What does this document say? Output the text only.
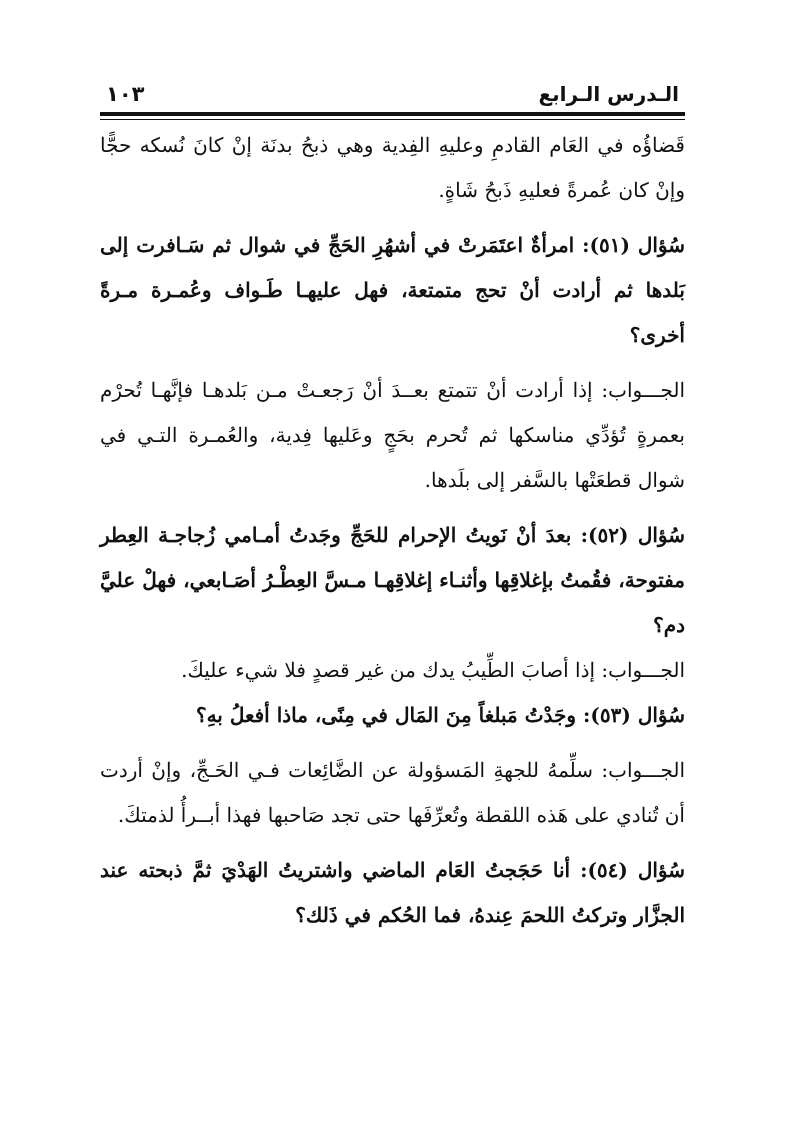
الـدرس الـرابع
١٠٣

قَضاؤُه في العَام القادمِ وعليهِ الفِدية وهي ذبحُ بدنَة إنْ كانَ نُسكه حجًّا وإنْ كان عُمرةً فعليهِ ذَبحُ شَاةٍ.

سُؤال (٥١): امرأةٌ اعتَمَرتْ في أشهُرِ الحَجِّ في شوال ثم سَـافرت إلى بَلدها ثم أرادت أنْ تحج متمتعة، فهل عليهـا طَـواف وعُمـرة مـرةً أخرى؟

الجـــواب: إذا أرادت أنْ تتمتع بعــدَ أنْ رَجعـتْ مـن بَلدهـا فإنَّهـا تُحرْم بعمرةٍ تُؤدِّي مناسكها ثم تُحرم بحَجٍ وعَليها فِدية، والعُمـرة التـي في شوال قطعَتْها بالسَّفر إلى بلَدها.

سُؤال (٥٢): بعدَ أنْ نَويتُ الإحرام للحَجِّ وجَدتُ أمـامي زُجاجـة العِطر مفتوحة، فقُمتُ بإغلاقِها وأثنـاء إغلاقِهـا مـسَّ العِطْـرُ أصَـابعي، فهلْ عليَّ دم؟

الجـــواب: إذا أصابَ الطِّيبُ يدك من غير قصدٍ فلا شيء عليكَ.

سُؤال (٥٣): وجَدْتُ مَبلغاً مِنَ المَال في مِنًى، ماذا أفعلُ بهِ؟

الجـــواب: سلِّمهُ للجهةِ المَسؤولة عن الضَّائِعات فـي الحَـجِّ، وإنْ أردت أن تُنادي على هَذه اللقطة وتُعرِّفَها حتى تجد صَاحبها فهذا أبــرأُ لذمتكَ.

سُؤال (٥٤): أنا حَجَجتُ العَام الماضي واشتريتُ الهَدْيَ ثمَّ ذبحته عند الجزَّار وتركتُ اللحمَ عِندهُ، فما الحُكم في ذَلك؟
